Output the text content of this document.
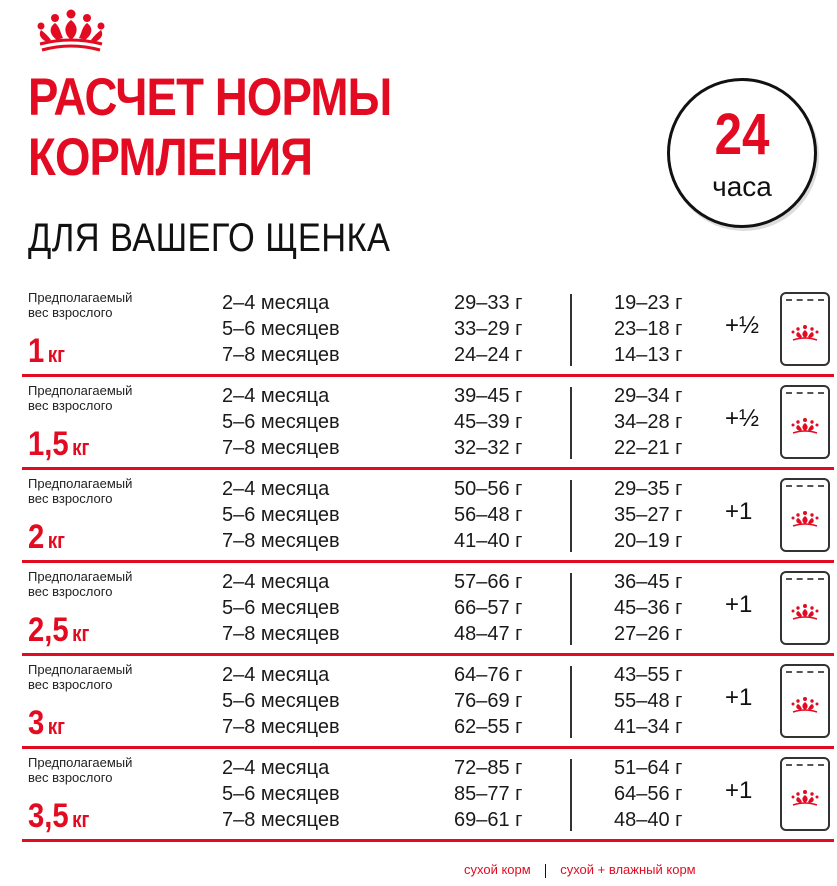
РАСЧЕТ НОРМЫ
КОРМЛЕНИЯ
ДЛЯ ВАШЕГО ЩЕНКА
24
часа
Предполагаемый
вес взрослого
1 кг
2–4 месяца
5–6 месяцев
7–8 месяцев
29–33 г
33–29 г
24–24 г
19–23 г
23–18 г
14–13 г
+½
Предполагаемый
вес взрослого
1,5 кг
2–4 месяца
5–6 месяцев
7–8 месяцев
39–45 г
45–39 г
32–32 г
29–34 г
34–28 г
22–21 г
+½
Предполагаемый
вес взрослого
2 кг
2–4 месяца
5–6 месяцев
7–8 месяцев
50–56 г
56–48 г
41–40 г
29–35 г
35–27 г
20–19 г
+1
Предполагаемый
вес взрослого
2,5 кг
2–4 месяца
5–6 месяцев
7–8 месяцев
57–66 г
66–57 г
48–47 г
36–45 г
45–36 г
27–26 г
+1
Предполагаемый
вес взрослого
3 кг
2–4 месяца
5–6 месяцев
7–8 месяцев
64–76 г
76–69 г
62–55 г
43–55 г
55–48 г
41–34 г
+1
Предполагаемый
вес взрослого
3,5 кг
2–4 месяца
5–6 месяцев
7–8 месяцев
72–85 г
85–77 г
69–61 г
51–64 г
64–56 г
48–40 г
+1
сухой корм сухой + влажный корм
